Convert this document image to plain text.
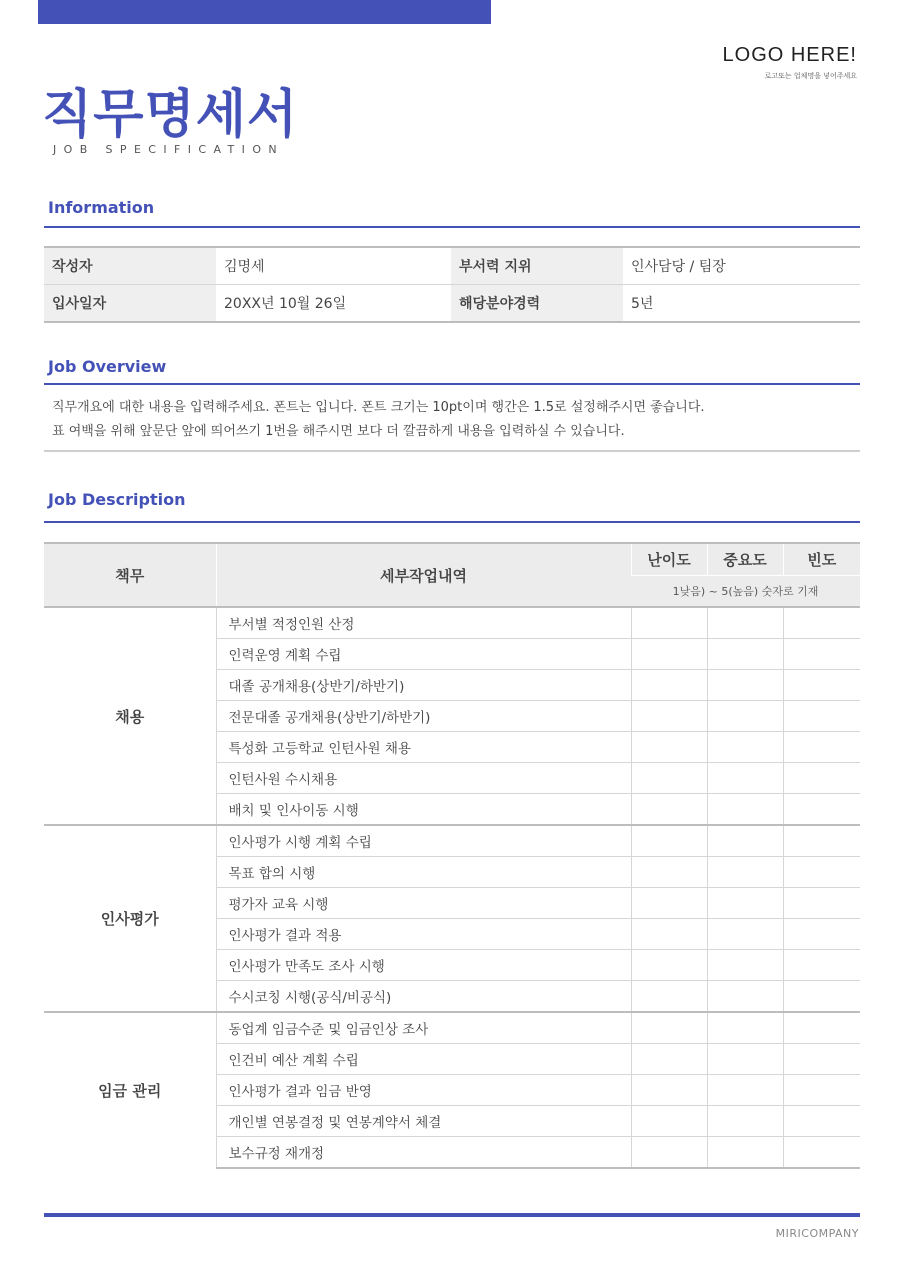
LOGO HERE!
로고또는 업체명을 넣어주세요
직무명세서
JOB SPECIFICATION
Information
작성자	김명세	부서력 지위	인사담당 / 팀장
입사일자	20XX년 10월 26일	해당분야경력	5년
Job Overview

직무개요에 대한 내용을 입력해주세요. 폰트는 입니다. 폰트 크기는 10pt이며 행간은 1.5로 설정해주시면 좋습니다.

표 여백을 위해 앞문단 앞에 띄어쓰기 1번을 해주시면 보다 더 깔끔하게 내용을 입력하실 수 있습니다.

Job Description
책무	세부작업내역	난이도	중요도	빈도
		1낮음) ~ 5(높음) 숫자로 기재		
채용	부서별 적정인원 산정			
	인력운영 계획 수립			
	대졸 공개채용(상반기/하반기)			
	전문대졸 공개채용(상반기/하반기)			
	특성화 고등학교 인턴사원 채용			
	인턴사원 수시채용			
	배치 및 인사이동 시행			
인사평가	인사평가 시행 계획 수립			
	목표 합의 시행			
	평가자 교육 시행			
	인사평가 결과 적용			
	인사평가 만족도 조사 시행			
	수시코칭 시행(공식/비공식)			
임금 관리	동업계 임금수준 및 임금인상 조사			
	인건비 예산 계획 수립			
	인사평가 결과 임금 반영			
	개인별 연봉결정 및 연봉계약서 체결			
	보수규정 재개정			
MIRICOMPANY
